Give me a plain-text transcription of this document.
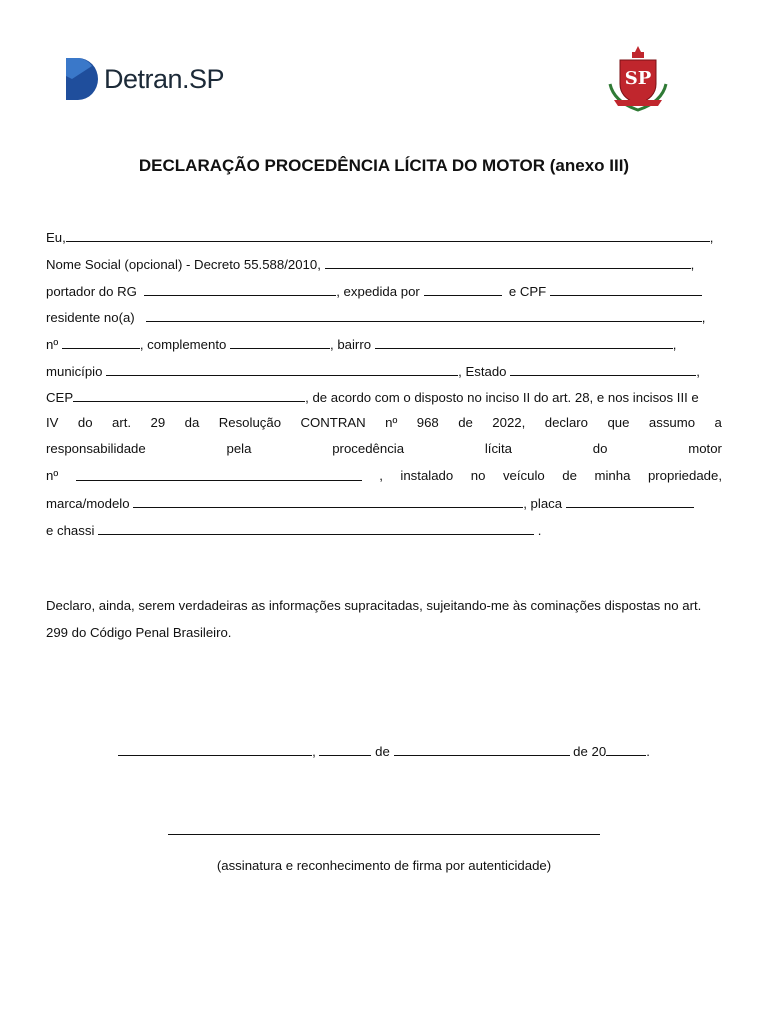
Detran.SP	SP
DECLARAÇÃO PROCEDÊNCIA LÍCITA DO MOTOR (anexo III)
Eu,	,
Nome Social (opcional) - Decreto 55.588/2010,	,
portador do RG	, expedida por	e CPF
residente no(a)	,
nº	, complemento	, bairro	,
município	, Estado	,
CEP	, de acordo com o disposto no inciso II do art. 28, e nos incisos III e
IV do art. 29 da Resolução CONTRAN nº 968 de 2022, declaro que assumo a
responsabilidade	pela	procedência	lícita	do	motor
nº	, instalado no veículo de minha propriedade,
marca/modelo	, placa
e chassi	.
Declaro, ainda, serem verdadeiras as informações supracitadas, sujeitando-me às cominações dispostas no art. 299 do Código Penal Brasileiro.
,	de	de 20	.
(assinatura e reconhecimento de firma por autenticidade)
